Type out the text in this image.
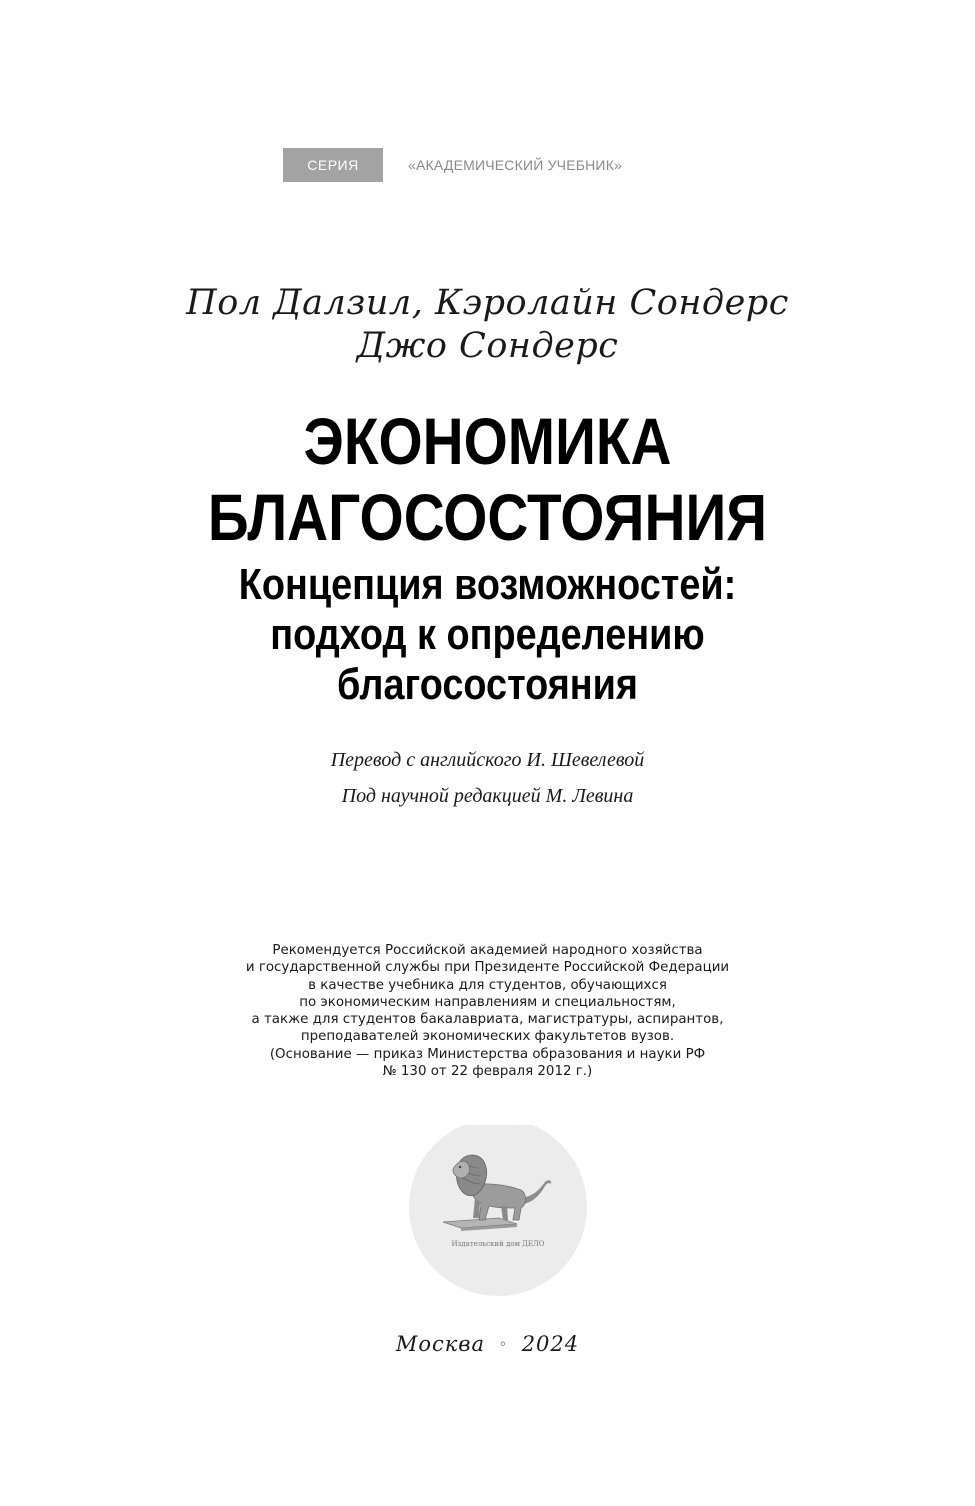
СЕРИЯ	«АКАДЕМИЧЕСКИЙ УЧЕБНИК»
Пол Далзил, Кэролайн Сондерс
Джо Сондерс
ЭКОНОМИКА
БЛАГОСОСТОЯНИЯ
Концепция возможностей:
подход к определению
благосостояния
Перевод с английского И. Шевелевой
Под научной редакцией М. Левина
Рекомендуется Российской академией народного хозяйства
и государственной службы при Президенте Российской Федерации
в качестве учебника для студентов, обучающихся
по экономическим направлениям и специальностям,
а также для студентов бакалавриата, магистратуры, аспирантов,
преподавателей экономических факультетов вузов.
(Основание — приказ Министерства образования и науки РФ
№ 130 от 22 февраля 2012 г.)
Издательский дом ДЕЛО
Москва ◦ 2024
